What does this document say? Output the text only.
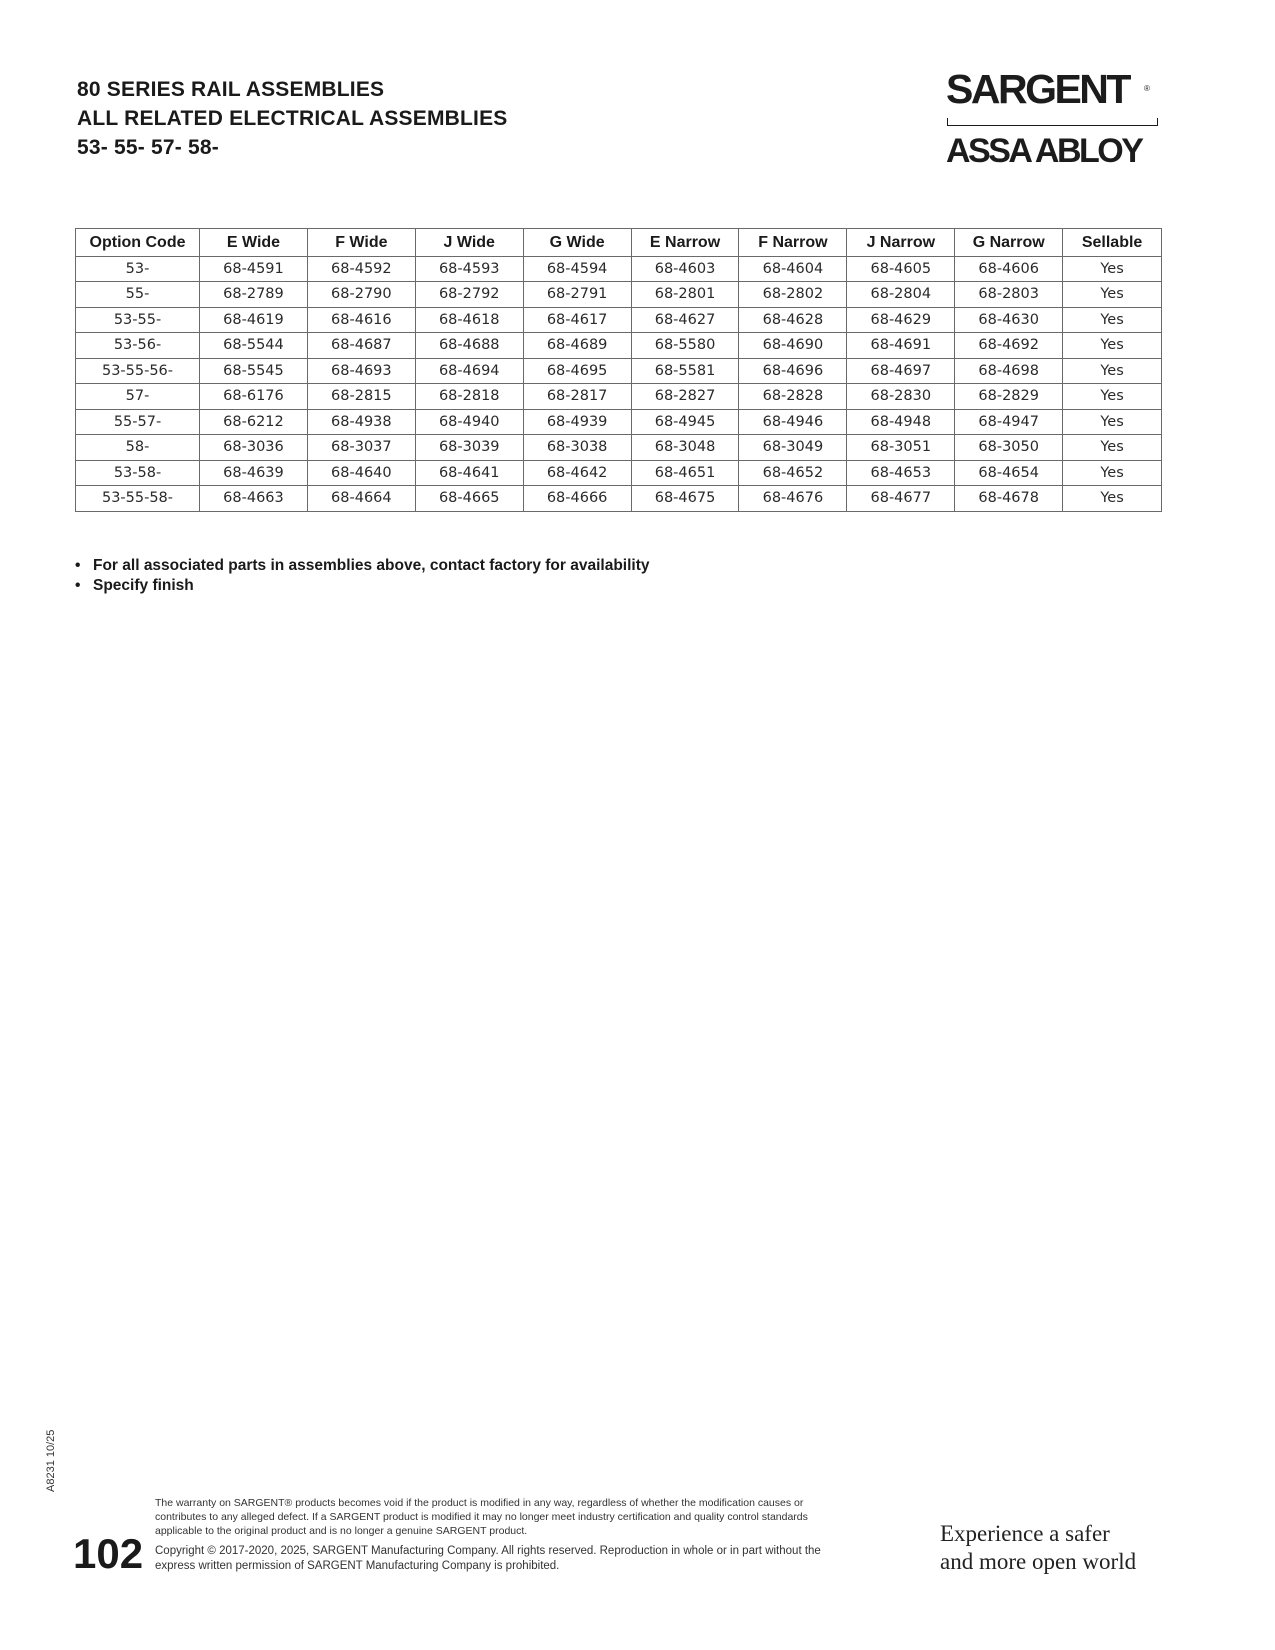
80 SERIES RAIL ASSEMBLIES
ALL RELATED ELECTRICAL ASSEMBLIES
53- 55- 57- 58-
SARGENT ®
ASSA ABLOY
Option Code	E Wide	F Wide	J Wide	G Wide	E Narrow	F Narrow	J Narrow	G Narrow	Sellable
53-	68-4591	68-4592	68-4593	68-4594	68-4603	68-4604	68-4605	68-4606	Yes
55-	68-2789	68-2790	68-2792	68-2791	68-2801	68-2802	68-2804	68-2803	Yes
53-55-	68-4619	68-4616	68-4618	68-4617	68-4627	68-4628	68-4629	68-4630	Yes
53-56-	68-5544	68-4687	68-4688	68-4689	68-5580	68-4690	68-4691	68-4692	Yes
53-55-56-	68-5545	68-4693	68-4694	68-4695	68-5581	68-4696	68-4697	68-4698	Yes
57-	68-6176	68-2815	68-2818	68-2817	68-2827	68-2828	68-2830	68-2829	Yes
55-57-	68-6212	68-4938	68-4940	68-4939	68-4945	68-4946	68-4948	68-4947	Yes
58-	68-3036	68-3037	68-3039	68-3038	68-3048	68-3049	68-3051	68-3050	Yes
53-58-	68-4639	68-4640	68-4641	68-4642	68-4651	68-4652	68-4653	68-4654	Yes
53-55-58-	68-4663	68-4664	68-4665	68-4666	68-4675	68-4676	68-4677	68-4678	Yes
• For all associated parts in assemblies above, contact factory for availability
• Specify finish
A8231 10/25
102
The warranty on SARGENT® products becomes void if the product is modified in any way, regardless of whether the modification causes or contributes to any alleged defect. If a SARGENT product is modified it may no longer meet industry certification and quality control standards applicable to the original product and is no longer a genuine SARGENT product.
Copyright © 2017-2020, 2025, SARGENT Manufacturing Company. All rights reserved. Reproduction in whole or in part without the express written permission of SARGENT Manufacturing Company is prohibited.
Experience a safer
and more open world
